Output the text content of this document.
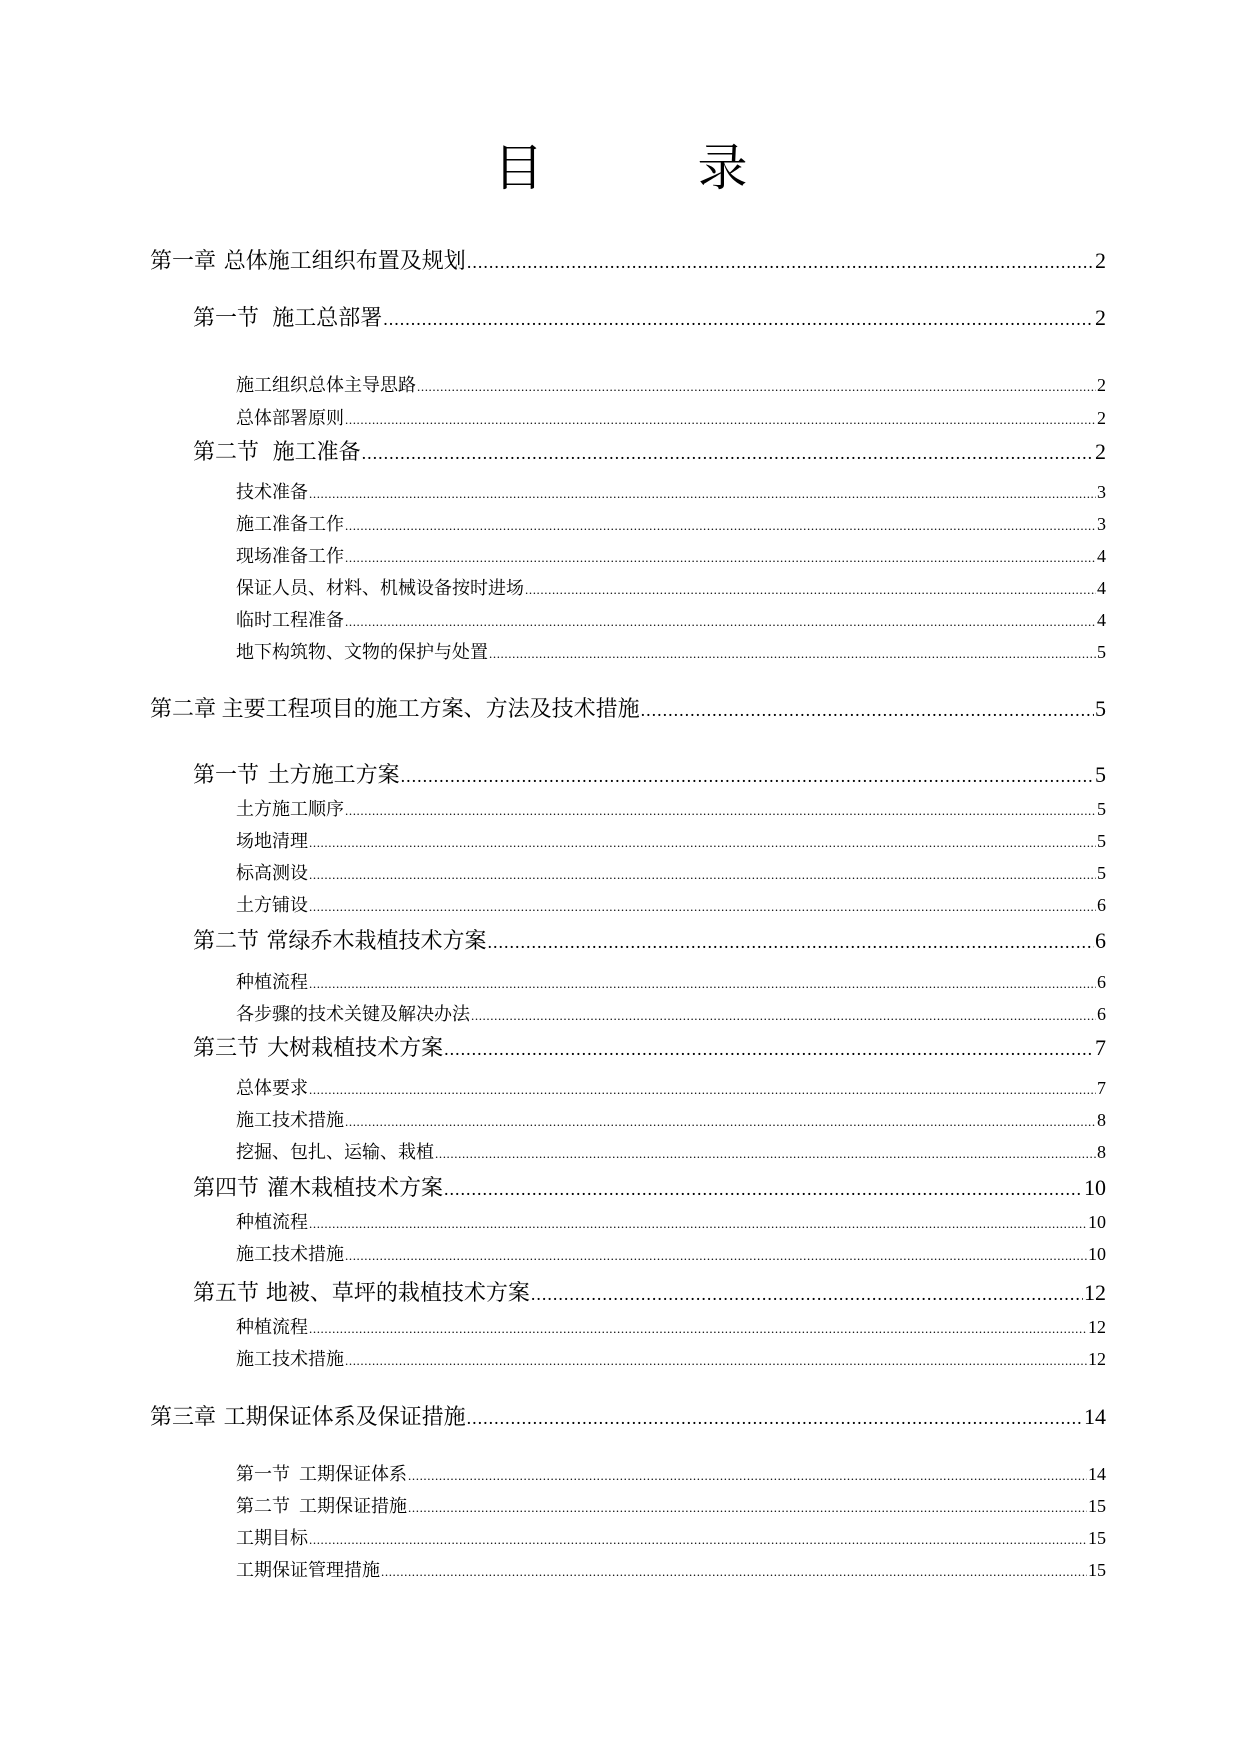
目　录
第一章 总体施工组织布置及规划 .....	2
第一节 施工总部署 .....	2
施工组织总体主导思路 .....	2
总体部署原则 .....	2
第二节 施工准备 .....	2
技术准备 .....	3
施工准备工作 .....	3
现场准备工作 .....	4
保证人员、材料、机械设备按时进场 .....	4
临时工程准备 .....	4
地下构筑物、文物的保护与处置 .....	5
第二章 主要工程项目的施工方案、方法及技术措施 .....	5
第一节 土方施工方案 .....	5
土方施工顺序 .....	5
场地清理 .....	5
标高测设 .....	5
土方铺设 .....	6
第二节 常绿乔木栽植技术方案 .....	6
种植流程 .....	6
各步骤的技术关键及解决办法 .....	6
第三节 大树栽植技术方案 .....	7
总体要求 .....	7
施工技术措施 .....	8
挖掘、包扎、运输、栽植 .....	8
第四节 灌木栽植技术方案 .....	10
种植流程 .....	10
施工技术措施 .....	10
第五节 地被、草坪的栽植技术方案 .....	12
种植流程 .....	12
施工技术措施 .....	12
第三章 工期保证体系及保证措施 .....	14
第一节 工期保证体系 .....	14
第二节 工期保证措施 .....	15
工期目标 .....	15
工期保证管理措施 .....	15
